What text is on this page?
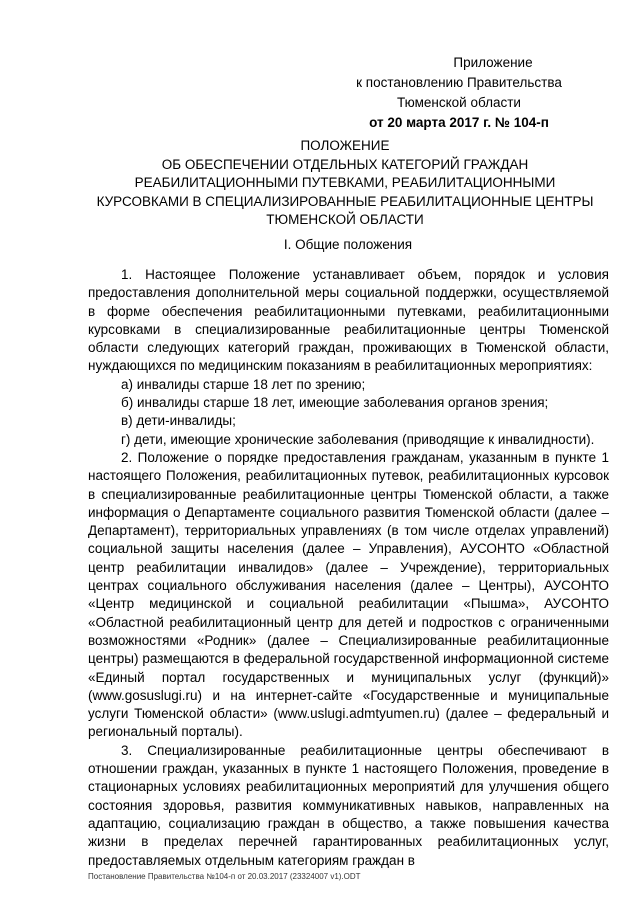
Приложение
к постановлению Правительства
Тюменской области
от 20 марта 2017 г. № 104-п
ПОЛОЖЕНИЕ
ОБ ОБЕСПЕЧЕНИИ ОТДЕЛЬНЫХ КАТЕГОРИЙ ГРАЖДАН
РЕАБИЛИТАЦИОННЫМИ ПУТЕВКАМИ, РЕАБИЛИТАЦИОННЫМИ
КУРСОВКАМИ В СПЕЦИАЛИЗИРОВАННЫЕ РЕАБИЛИТАЦИОННЫЕ ЦЕНТРЫ
ТЮМЕНСКОЙ ОБЛАСТИ
I. Общие положения

1. Настоящее Положение устанавливает объем, порядок и условия предоставления дополнительной меры социальной поддержки, осуществляемой в форме обеспечения реабилитационными путевками, реабилитационными курсовками в специализированные реабилитационные центры Тюменской области следующих категорий граждан, проживающих в Тюменской области, нуждающихся по медицинским показаниям в реабилитационных мероприятиях:

а) инвалиды старше 18 лет по зрению;

б) инвалиды старше 18 лет, имеющие заболевания органов зрения;

в) дети-инвалиды;

г) дети, имеющие хронические заболевания (приводящие к инвалидности).

2. Положение о порядке предоставления гражданам, указанным в пункте 1 настоящего Положения, реабилитационных путевок, реабилитационных курсовок в специализированные реабилитационные центры Тюменской области, а также информация о Департаменте социального развития Тюменской области (далее – Департамент), территориальных управлениях (в том числе отделах управлений) социальной защиты населения (далее – Управления), АУСОНТО «Областной центр реабилитации инвалидов» (далее – Учреждение), территориальных центрах социального обслуживания населения (далее – Центры), АУСОНТО «Центр медицинской и социальной реабилитации «Пышма», АУСОНТО «Областной реабилитационный центр для детей и подростков с ограниченными возможностями «Родник» (далее – Специализированные реабилитационные центры) размещаются в федеральной государственной информационной системе «Единый портал государственных и муниципальных услуг (функций)» (www.gosuslugi.ru) и на интернет-сайте «Государственные и муниципальные услуги Тюменской области» (www.uslugi.admtyumen.ru) (далее – федеральный и региональный порталы).

3. Специализированные реабилитационные центры обеспечивают в отношении граждан, указанных в пункте 1 настоящего Положения, проведение в стационарных условиях реабилитационных мероприятий для улучшения общего состояния здоровья, развития коммуникативных навыков, направленных на адаптацию, социализацию граждан в общество, а также повышения качества жизни в пределах перечней гарантированных реабилитационных услуг, предоставляемых отдельным категориям граждан в

Постановление Правительства №104-п от 20.03.2017 (23324007 v1).ODT
